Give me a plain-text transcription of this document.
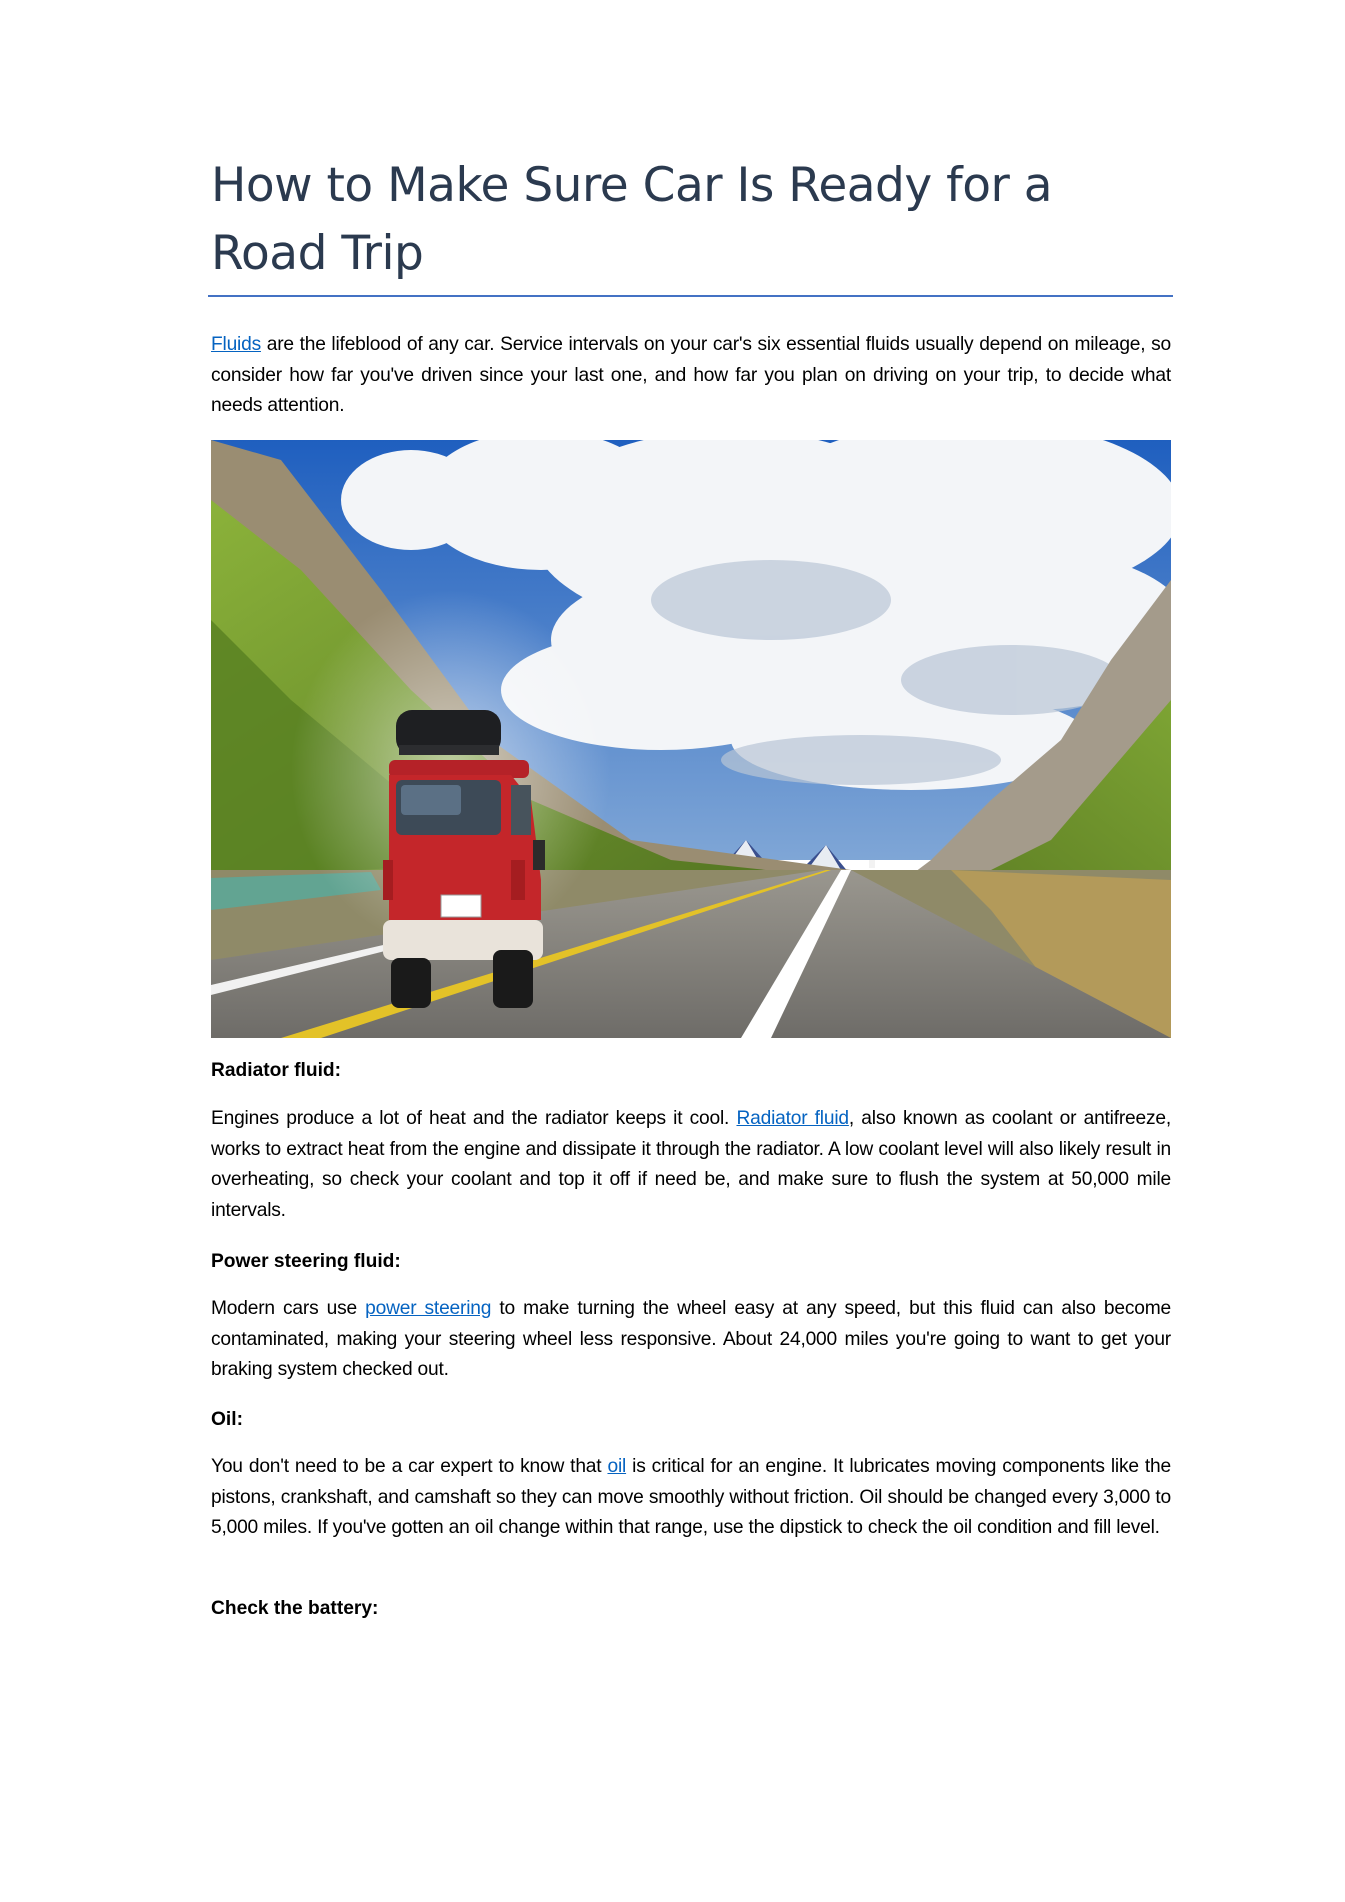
How to Make Sure Car Is Ready for a Road Trip

Fluids are the lifeblood of any car. Service intervals on your car's six essential fluids usually depend on mileage, so consider how far you've driven since your last one, and how far you plan on driving on your trip, to decide what needs attention.

Radiator fluid:

Engines produce a lot of heat and the radiator keeps it cool. Radiator fluid, also known as coolant or antifreeze, works to extract heat from the engine and dissipate it through the radiator. A low coolant level will also likely result in overheating, so check your coolant and top it off if need be, and make sure to flush the system at 50,000 mile intervals.

Power steering fluid:

Modern cars use power steering to make turning the wheel easy at any speed, but this fluid can also become contaminated, making your steering wheel less responsive. About 24,000 miles you're going to want to get your braking system checked out.

Oil:

You don't need to be a car expert to know that oil is critical for an engine. It lubricates moving components like the pistons, crankshaft, and camshaft so they can move smoothly without friction. Oil should be changed every 3,000 to 5,000 miles. If you've gotten an oil change within that range, use the dipstick to check the oil condition and fill level.

Check the battery:
